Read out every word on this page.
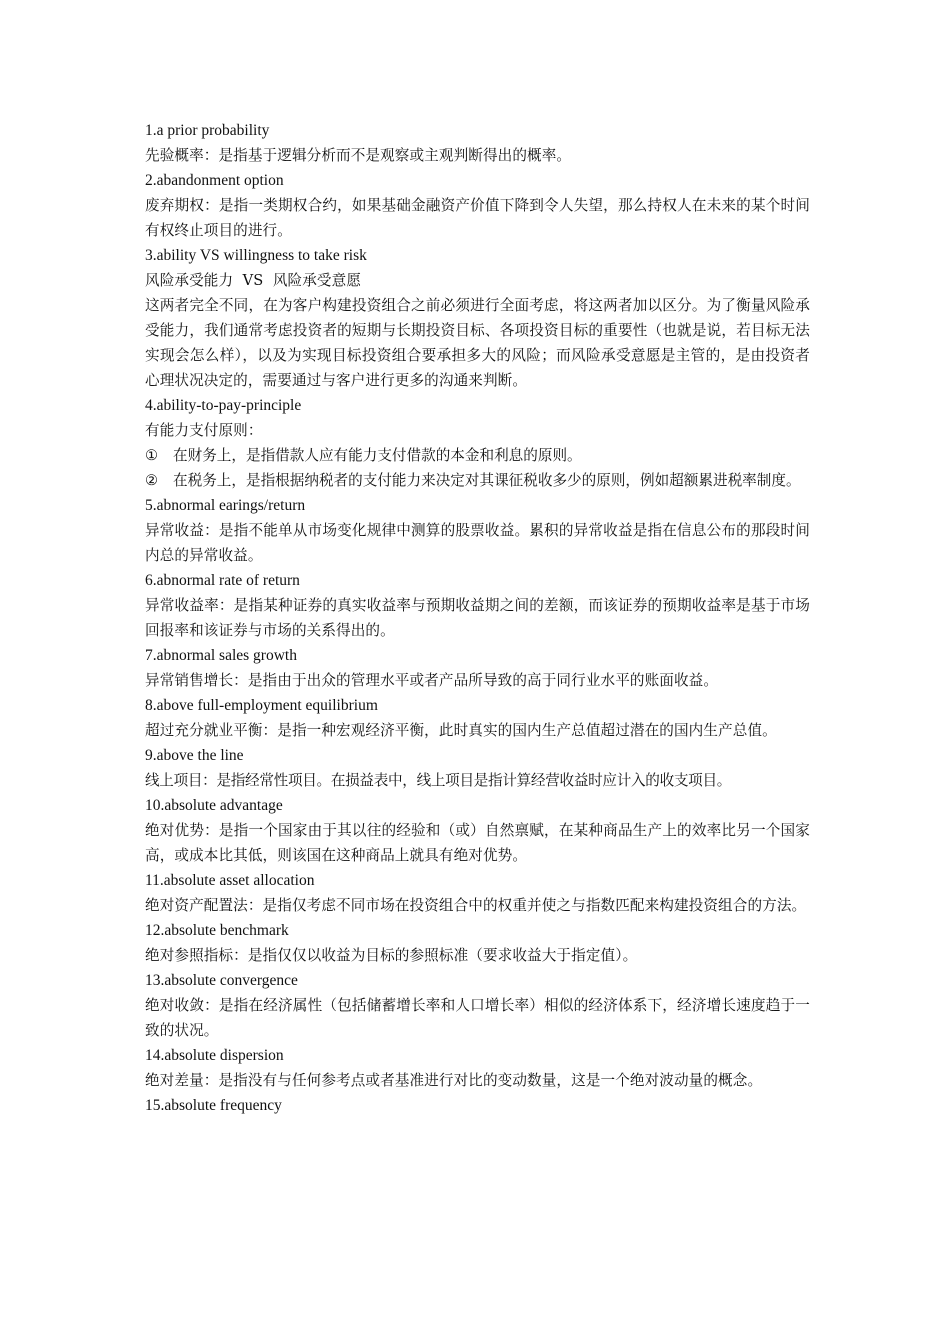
1.a prior probability
先验概率：是指基于逻辑分析而不是观察或主观判断得出的概率。
2.abandonment option
废弃期权：是指一类期权合约，如果基础金融资产价值下降到令人失望，那么持权人在未来的某个时间有权终止项目的进行。
3.ability VS willingness to take risk
风险承受能力  VS  风险承受意愿
这两者完全不同，在为客户构建投资组合之前必须进行全面考虑，将这两者加以区分。为了衡量风险承受能力，我们通常考虑投资者的短期与长期投资目标、各项投资目标的重要性（也就是说，若目标无法实现会怎么样），以及为实现目标投资组合要承担多大的风险；而风险承受意愿是主管的，是由投资者心理状况决定的，需要通过与客户进行更多的沟通来判断。
4.ability-to-pay-principle
有能力支付原则：
① 在财务上，是指借款人应有能力支付借款的本金和利息的原则。
② 在税务上，是指根据纳税者的支付能力来决定对其课征税收多少的原则，例如超额累进税率制度。
5.abnormal earings/return
异常收益：是指不能单从市场变化规律中测算的股票收益。累积的异常收益是指在信息公布的那段时间内总的异常收益。
6.abnormal rate of return
异常收益率：是指某种证券的真实收益率与预期收益期之间的差额，而该证券的预期收益率是基于市场回报率和该证券与市场的关系得出的。
7.abnormal sales growth
异常销售增长：是指由于出众的管理水平或者产品所导致的高于同行业水平的账面收益。
8.above full-employment equilibrium
超过充分就业平衡：是指一种宏观经济平衡，此时真实的国内生产总值超过潜在的国内生产总值。
9.above the line
线上项目：是指经常性项目。在损益表中，线上项目是指计算经营收益时应计入的收支项目。
10.absolute advantage
绝对优势：是指一个国家由于其以往的经验和（或）自然禀赋，在某种商品生产上的效率比另一个国家高，或成本比其低，则该国在这种商品上就具有绝对优势。
11.absolute asset allocation
绝对资产配置法：是指仅考虑不同市场在投资组合中的权重并使之与指数匹配来构建投资组合的方法。
12.absolute benchmark
绝对参照指标：是指仅仅以收益为目标的参照标准（要求收益大于指定值）。
13.absolute convergence
绝对收敛：是指在经济属性（包括储蓄增长率和人口增长率）相似的经济体系下，经济增长速度趋于一致的状况。
14.absolute dispersion
绝对差量：是指没有与任何参考点或者基准进行对比的变动数量，这是一个绝对波动量的概念。
15.absolute frequency
